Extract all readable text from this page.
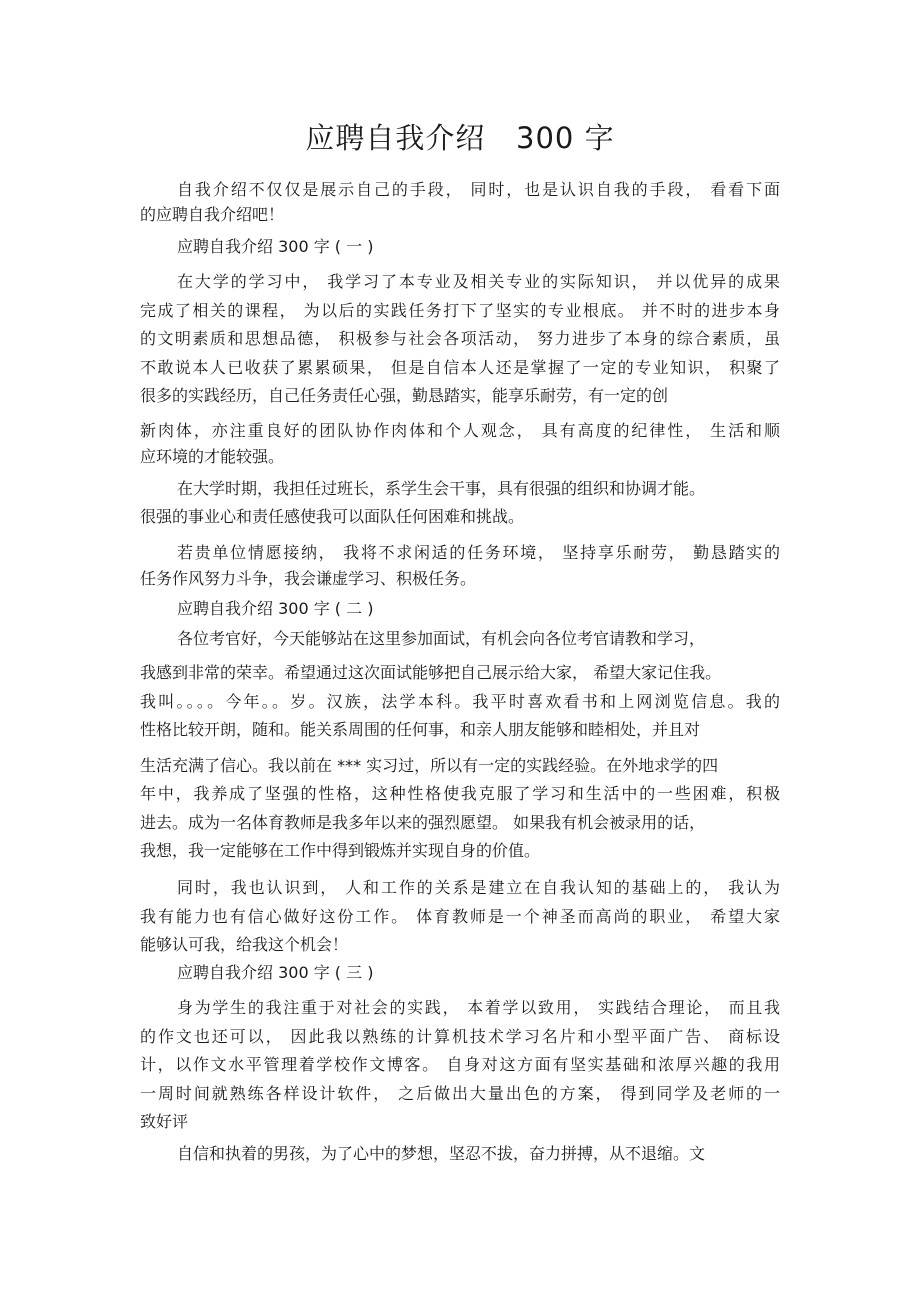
应聘自我介绍   300 字
自我介绍不仅仅是展示自己的手段， 同时，也是认识自我的手段， 看看下面
的应聘自我介绍吧！
应聘自我介绍 300 字 ( 一 )
在大学的学习中， 我学习了本专业及相关专业的实际知识， 并以优异的成果
完成了相关的课程， 为以后的实践任务打下了坚实的专业根底。 并不时的进步本身
的文明素质和思想品德， 积极参与社会各项活动， 努力进步了本身的综合素质，虽
不敢说本人已收获了累累硕果， 但是自信本人还是掌握了一定的专业知识， 积聚了
很多的实践经历，自己任务责任心强，勤恳踏实，能享乐耐劳，有一定的创
新肉体，亦注重良好的团队协作肉体和个人观念， 具有高度的纪律性， 生活和顺
应环境的才能较强。
在大学时期，我担任过班长，系学生会干事，具有很强的组织和协调才能。
很强的事业心和责任感使我可以面队任何困难和挑战。
若贵单位情愿接纳， 我将不求闲适的任务环境， 坚持享乐耐劳， 勤恳踏实的
任务作风努力斗争，我会谦虚学习、积极任务。
应聘自我介绍 300 字 ( 二 )
各位考官好，今天能够站在这里参加面试，有机会向各位考官请教和学习，
我感到非常的荣幸。希望通过这次面试能够把自己展示给大家， 希望大家记住我。
我叫。。。。今年。。岁。汉族，法学本科。我平时喜欢看书和上网浏览信息。我的
性格比较开朗，随和。能关系周围的任何事，和亲人朋友能够和睦相处，并且对
生活充满了信心。我以前在 *** 实习过，所以有一定的实践经验。在外地求学的四
年中，我养成了坚强的性格，这种性格使我克服了学习和生活中的一些困难，积极
进去。成为一名体育教师是我多年以来的强烈愿望。 如果我有机会被录用的话，
我想，我一定能够在工作中得到锻炼并实现自身的价值。
同时，我也认识到， 人和工作的关系是建立在自我认知的基础上的， 我认为
我有能力也有信心做好这份工作。 体育教师是一个神圣而高尚的职业， 希望大家
能够认可我，给我这个机会！
应聘自我介绍 300 字 ( 三 )
身为学生的我注重于对社会的实践， 本着学以致用， 实践结合理论， 而且我
的作文也还可以， 因此我以熟练的计算机技术学习名片和小型平面广告、 商标设
计，以作文水平管理着学校作文博客。 自身对这方面有坚实基础和浓厚兴趣的我用
一周时间就熟练各样设计软件， 之后做出大量出色的方案， 得到同学及老师的一
致好评
自信和执着的男孩，为了心中的梦想，坚忍不拔，奋力拼搏，从不退缩。文
